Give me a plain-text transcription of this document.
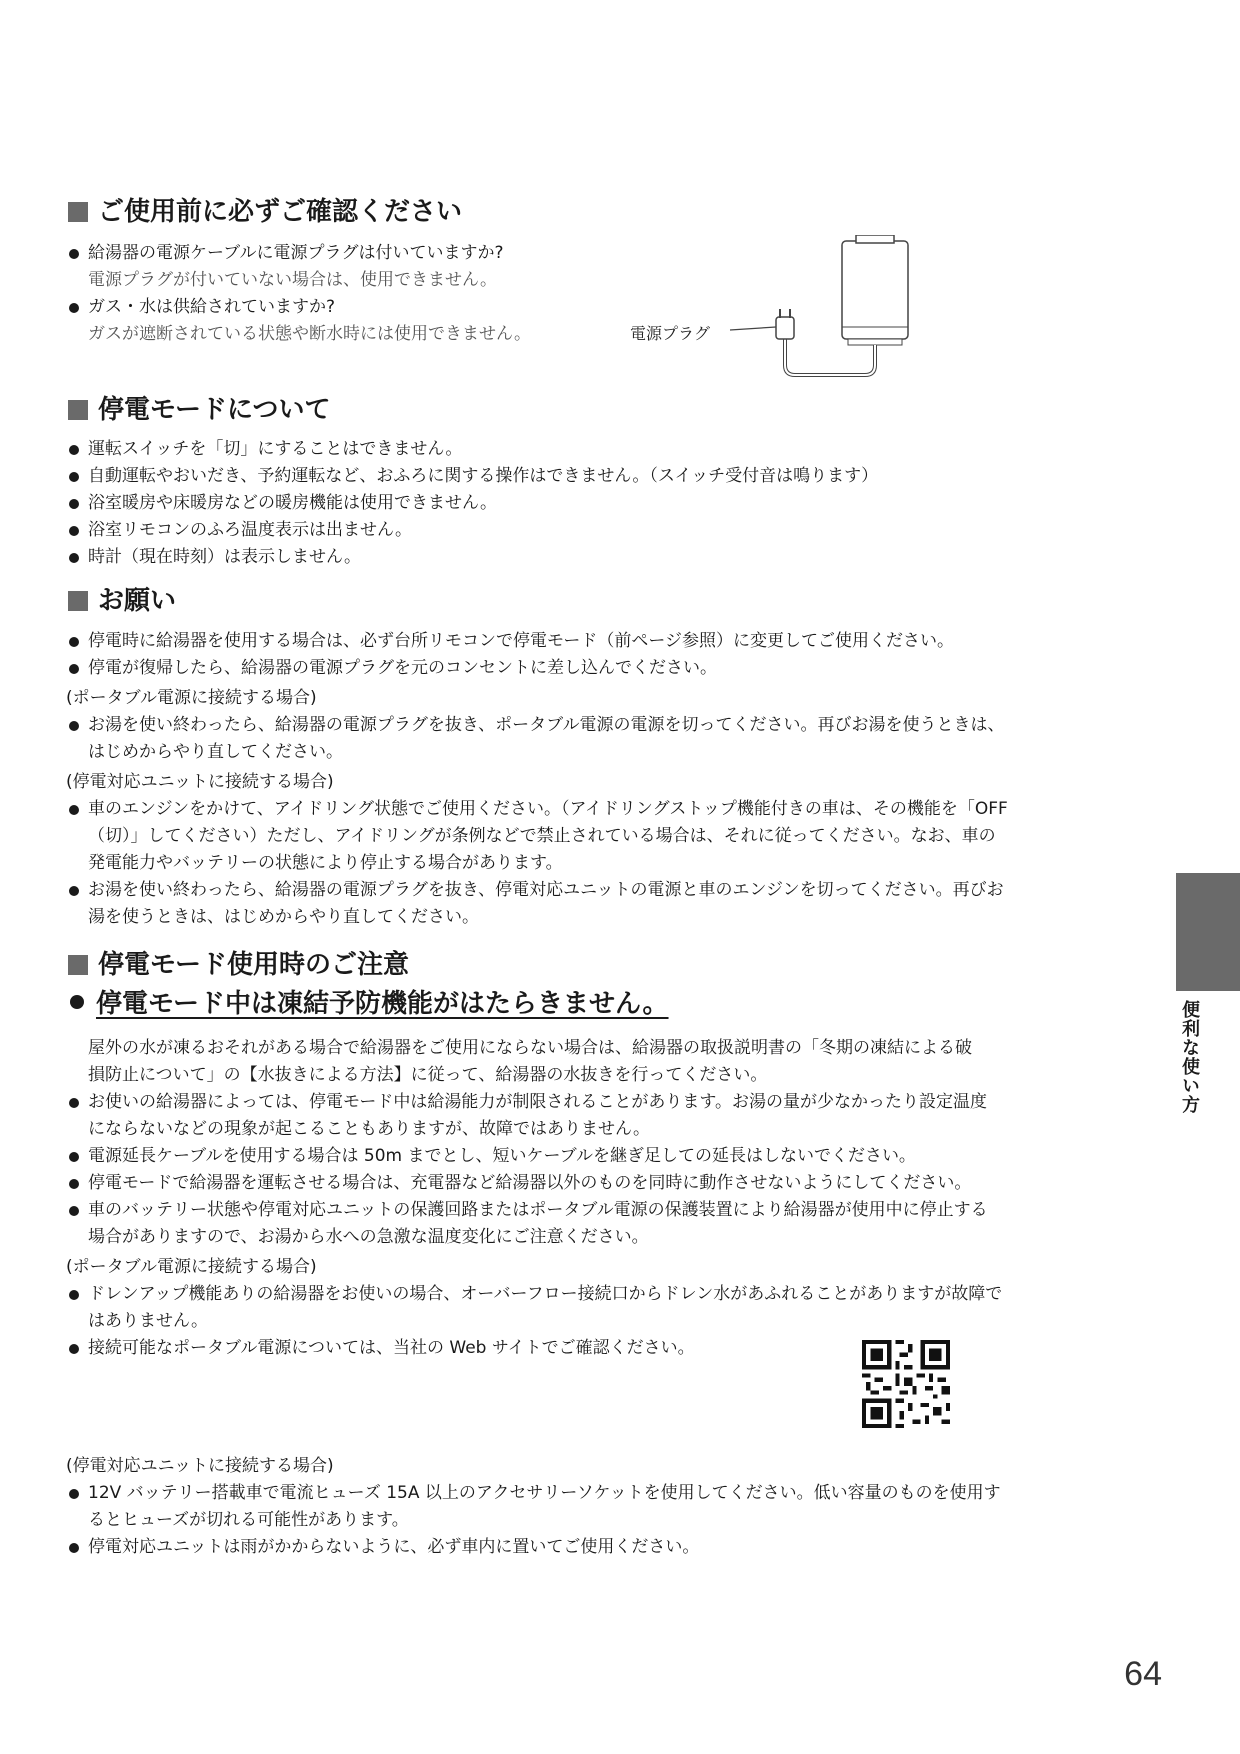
ご使用前に必ずご確認ください
給湯器の電源ケーブルに電源プラグは付いていますか?
電源プラグが付いていない場合は、使用できません。
ガス・水は供給されていますか?
ガスが遮断されている状態や断水時には使用できません。	電源プラグ
停電モードについて
運転スイッチを「切」にすることはできません。
自動運転やおいだき、予約運転など、おふろに関する操作はできません。（スイッチ受付音は鳴ります）
浴室暖房や床暖房などの暖房機能は使用できません。
浴室リモコンのふろ温度表示は出ません。
時計（現在時刻）は表示しません。
お願い
停電時に給湯器を使用する場合は、必ず台所リモコンで停電モード（前ページ参照）に変更してご使用ください。
停電が復帰したら、給湯器の電源プラグを元のコンセントに差し込んでください。
(ポータブル電源に接続する場合)
お湯を使い終わったら、給湯器の電源プラグを抜き、ポータブル電源の電源を切ってください。再びお湯を使うときは、
はじめからやり直してください。
(停電対応ユニットに接続する場合)
車のエンジンをかけて、アイドリング状態でご使用ください。（アイドリングストップ機能付きの車は、その機能を「OFF
（切）」してください）ただし、アイドリングが条例などで禁止されている場合は、それに従ってください。なお、車の
発電能力やバッテリーの状態により停止する場合があります。
お湯を使い終わったら、給湯器の電源プラグを抜き、停電対応ユニットの電源と車のエンジンを切ってください。再びお
湯を使うときは、はじめからやり直してください。
停電モード使用時のご注意
停電モード中は凍結予防機能がはたらきません。
屋外の水が凍るおそれがある場合で給湯器をご使用にならない場合は、給湯器の取扱説明書の「冬期の凍結による破
損防止について」の【水抜きによる方法】に従って、給湯器の水抜きを行ってください。
お使いの給湯器によっては、停電モード中は給湯能力が制限されることがあります。お湯の量が少なかったり設定温度
にならないなどの現象が起こることもありますが、故障ではありません。
電源延長ケーブルを使用する場合は 50m までとし、短いケーブルを継ぎ足しての延長はしないでください。
停電モードで給湯器を運転させる場合は、充電器など給湯器以外のものを同時に動作させないようにしてください。
車のバッテリー状態や停電対応ユニットの保護回路またはポータブル電源の保護装置により給湯器が使用中に停止する
場合がありますので、お湯から水への急激な温度変化にご注意ください。
(ポータブル電源に接続する場合)
ドレンアップ機能ありの給湯器をお使いの場合、オーバーフロー接続口からドレン水があふれることがありますが故障で
はありません。
接続可能なポータブル電源については、当社の Web サイトでご確認ください。
(停電対応ユニットに接続する場合)
12V バッテリー搭載車で電流ヒューズ 15A 以上のアクセサリーソケットを使用してください。低い容量のものを使用す
るとヒューズが切れる可能性があります。
停電対応ユニットは雨がかからないように、必ず車内に置いてご使用ください。
便利な使い方
64
